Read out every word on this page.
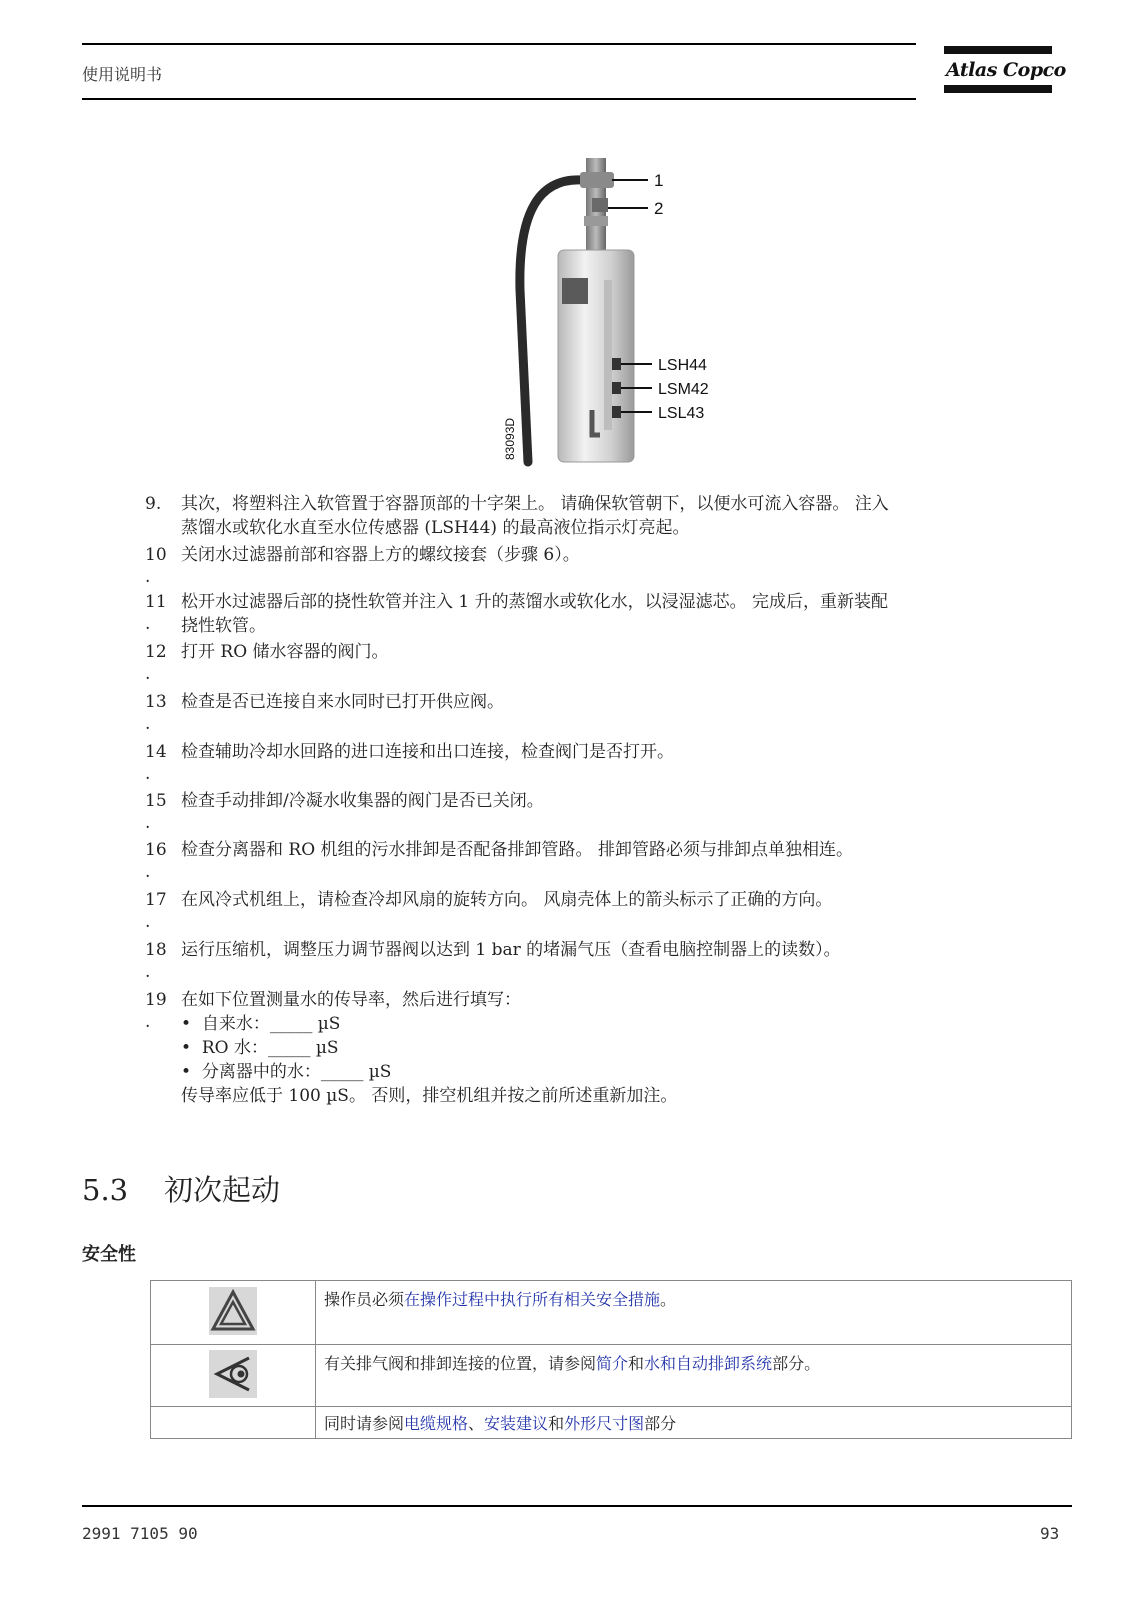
使用说明书	Atlas Copco
1
2
LSH44
LSM42
LSL43
83093D
9.	其次，将塑料注入软管置于容器顶部的十字架上。 请确保软管朝下，以便水可流入容器。 注入
蒸馏水或软化水直至水位传感器 (LSH44) 的最高液位指示灯亮起。
10
.
关闭水过滤器前部和容器上方的螺纹接套（步骤 6）。
11
.
松开水过滤器后部的挠性软管并注入 1 升的蒸馏水或软化水，以浸湿滤芯。 完成后，重新装配
挠性软管。
12
.
打开 RO 储水容器的阀门。
13
.
检查是否已连接自来水同时已打开供应阀。
14
.
检查辅助冷却水回路的进口连接和出口连接，检查阀门是否打开。
15
.
检查手动排卸/冷凝水收集器的阀门是否已关闭。
16
.
检查分离器和 RO 机组的污水排卸是否配备排卸管路。 排卸管路必须与排卸点单独相连。
17
.
在风冷式机组上，请检查冷却风扇的旋转方向。 风扇壳体上的箭头标示了正确的方向。
18
.
运行压缩机，调整压力调节器阀以达到 1 bar 的堵漏气压（查看电脑控制器上的读数）。
19
.
在如下位置测量水的传导率，然后进行填写：
•  自来水：_____ µS
•  RO 水：_____ µS
•  分离器中的水：_____ µS
传导率应低于 100 µS。 否则，排空机组并按之前所述重新加注。
5.3 初次起动
安全性
	操作员必须在操作过程中执行所有相关安全措施。
	有关排气阀和排卸连接的位置，请参阅简介和水和自动排卸系统部分。
	同时请参阅电缆规格、安装建议和外形尺寸图部分
2991 7105 90	93
